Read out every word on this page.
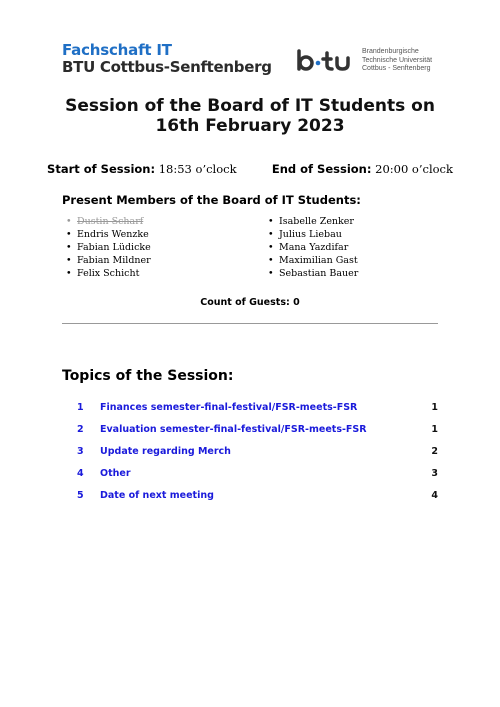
Fachschaft IT
BTU Cottbus-Senftenberg
Brandenburgische
Technische Universität
Cottbus - Senftenberg
Session of the Board of IT Students on
16th February 2023
Start of Session: 18:53 o’clock	End of Session: 20:00 o’clock
Present Members of the Board of IT Students:
• Dustin Scharf
• Endris Wenzke
• Fabian Lüdicke
• Fabian Mildner
• Felix Schicht
• Isabelle Zenker
• Julius Liebau
• Mana Yazdifar
• Maximilian Gast
• Sebastian Bauer
Count of Guests: 0
Topics of the Session:
1 Finances semester-final-festival/FSR-meets-FSR	1
2 Evaluation semester-final-festival/FSR-meets-FSR	1
3 Update regarding Merch	2
4 Other	3
5 Date of next meeting	4
